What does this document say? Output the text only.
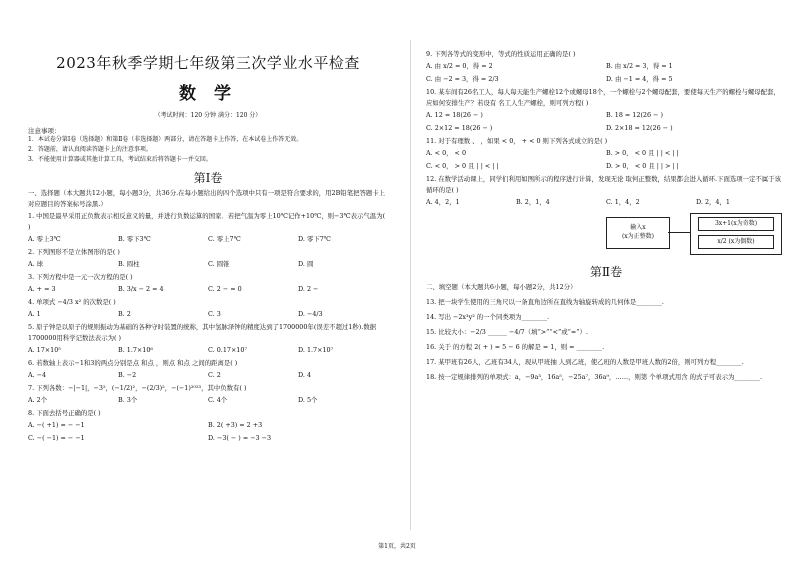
2023年秋季学期七年级第三次学业水平检查
数 学
（考试时间：120 分钟 满分：120 分）
注意事项：
1．本试卷分第Ⅰ卷（选择题）和第Ⅱ卷（非选择题）两部分，请在答题卡上作答，在本试卷上作答无效。
2．答题前，请认真阅读答题卡上的注意事项。
3．不能使用计算器或其他计算工具，考试结束后将答题卡一并交回。
第Ⅰ卷
一、选择题（本大题共12小题，每小题3分，共36分.在每小题给出的四个选项中只有一项是符合要求的，用2B铅笔把答题卡上对应题目的答案标号涂黑.）
1. 中国是最早采用正负数表示相反意义的量，并进行负数运算的国家．若把气温为零上10℃记作+10℃，则−3℃表示气温为( )
A. 零上3℃	B. 零下3℃	C. 零上7℃	D. 零下7℃
2. 下列图形不是立体图形的是( )
A. 球	B. 圆柱	C. 圆锥	D. 圆
3. 下列方程中是一元一次方程的是( )
A. + = 3	B. 3/x − 2 = 4	C. 2 − = 0	D. 2 −
4. 单项式 −4/3 x² 的次数是( )
A. 1	B. 2	C. 3	D. −4/3
5. 原子钟是以原子的规则振动为基础的各种守时装置的统称，其中氢脉泽钟的精度达到了1700000年(误差不超过1秒).数据1700000用科学记数法表示为( )
A. 17×10⁵	B. 1.7×10⁶	C. 0.17×10⁷	D. 1.7×10⁷
6. 若数轴上表示−1和3的两点分别是点 和点 ，则点 和点 之间的距离是( )
A. −4	B. −2	C. 2	D. 4
7. 下列各数：−|−1|，−3²，(−1/2)²，−(2/3)²，−(−1)²⁰²³，其中负数有( )
A. 2个	B. 3个	C. 4个	D. 5个
8. 下面去括号正确的是( )
A. −( +1) = − −1	B. 2( +3) = 2 +3
C. −( −1) = − −1	D. −3( − ) = −3 −3
9. 下列各等式的变形中，等式的性质运用正确的是( )
A. 由 x/2 = 0，得 = 2	B. 由 x/2 = 3，得 = 1
C. 由 −2 = 3，得 = 2/3	D. 由 −1 = 4，得 = 5
10. 某车间有26名工人，每人每天能生产螺栓12个或螺母18个，一个螺栓与2个螺母配套，要使每天生产的螺栓与螺母配套，应如何安排生产？若设有 名工人生产螺栓，则可列方程( )
A. 12 = 18(26 − )	B. 18 = 12(26 − )
C. 2×12 = 18(26 − )	D. 2×18 = 12(26 − )
11. 对于有理数 、 ，如果 < 0， + < 0 则下列各式成立的是( )
A. < 0， < 0	B. > 0， < 0 且 | | < | |
C. < 0， > 0 且 | | < | |	D. > 0， < 0 且 | | > | |
12. 在数学活动课上，同学们利用如图所示的程序进行计算，发现无论 取何正整数，结果都会进入循环.下面选项一定不属于该循环的是( )
A. 4，2，1	B. 2，1，4	C. 1，4，2	D. 2，4，1
输入x
(x为正整数)
3x+1(x为奇数)
x/2 (x为偶数)
第Ⅱ卷
二、填空题（本大题共6小题，每小题2分，共12分）
13. 把一块学生使用的三角尺以一条直角边所在直线为轴旋转成的几何体是________.
14. 写出 −2x³y² 的一个同类项为________.
15. 比较大小：−2/3 ______ −4/7（填“>”“<”或“=”）.
16. 关于 的方程 2( + ) = 5 − 6 的解是 = 1，则 = ________.
17. 某甲班有26人，乙班有34人，现从甲班抽 人到乙班，使乙班的人数是甲班人数的2倍，则可列方程________.
18. 按一定规律排列的单项式：a，−9a³，16a⁵，−25a⁷，36a⁹，……，则第 个单项式用含 的式子可表示为________.
第1页，共2页
